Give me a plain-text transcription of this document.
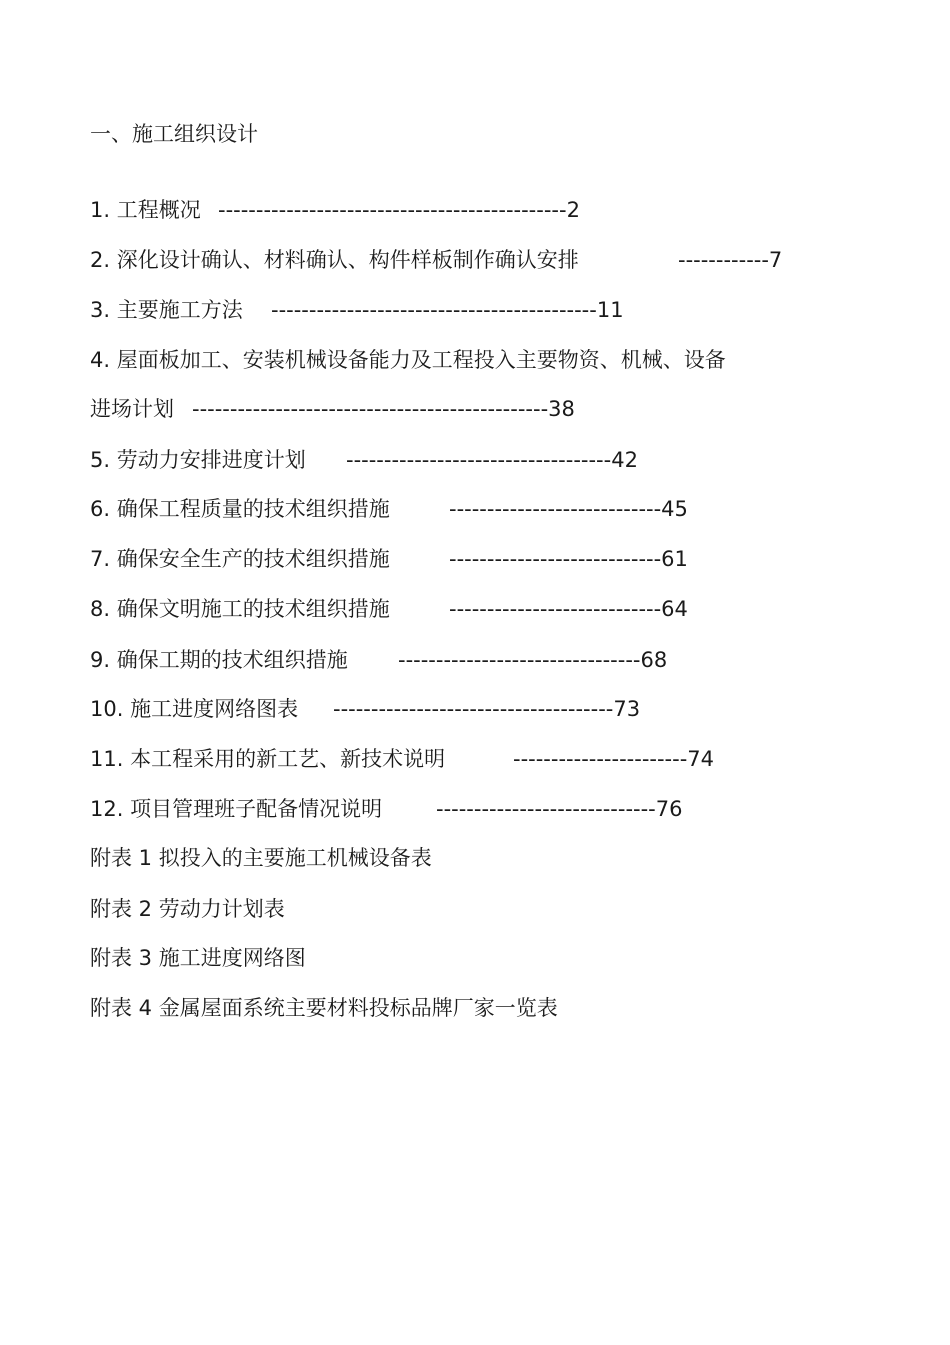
一、施工组织设计
1. 工程概况 ----------------------------------------------2
2. 深化设计确认、材料确认、构件样板制作确认安排	------------7
3. 主要施工方法 -------------------------------------------11
4. 屋面板加工、安装机械设备能力及工程投入主要物资、机械、设备
进场计划 -----------------------------------------------38
5. 劳动力安排进度计划 -----------------------------------42
6. 确保工程质量的技术组织措施	----------------------------45
7. 确保安全生产的技术组织措施	----------------------------61
8. 确保文明施工的技术组织措施	----------------------------64
9. 确保工期的技术组织措施 --------------------------------68
10. 施工进度网络图表 -------------------------------------73
11. 本工程采用的新工艺、新技术说明	-----------------------74
12. 项目管理班子配备情况说明	-----------------------------76
附表 1 拟投入的主要施工机械设备表
附表 2 劳动力计划表
附表 3 施工进度网络图
附表 4 金属屋面系统主要材料投标品牌厂家一览表
